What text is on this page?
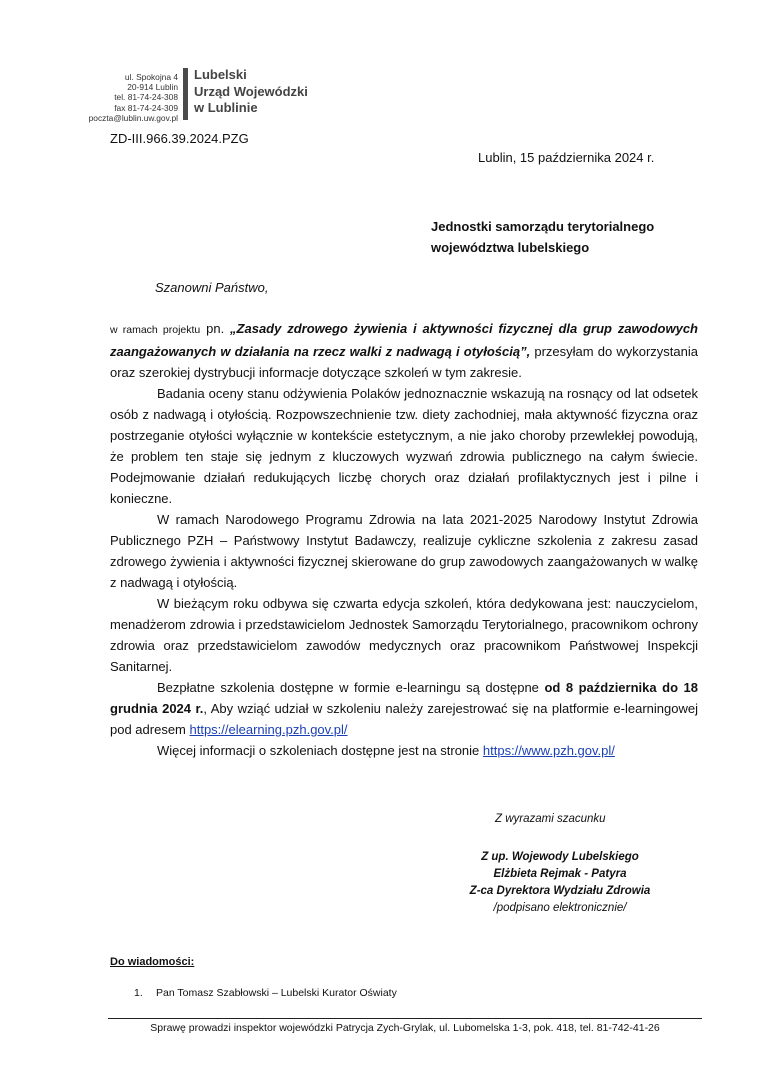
ul. Spokojna 4
20-914 Lublin
tel. 81-74-24-308
fax 81-74-24-309
poczta@lublin.uw.gov.pl
Lubelski
Urząd Wojewódzki
w Lublinie
ZD-III.966.39.2024.PZG
Lublin, 15 października 2024 r.
Jednostki samorządu terytorialnego
województwa lubelskiego
Szanowni Państwo,

w ramach projektu pn. „Zasady zdrowego żywienia i aktywności fizycznej dla grup zawodowych zaangażowanych w działania na rzecz walki z nadwagą i otyłością”, przesyłam do wykorzystania oraz szerokiej dystrybucji informacje dotyczące szkoleń w tym zakresie.

Badania oceny stanu odżywienia Polaków jednoznacznie wskazują na rosnący od lat odsetek osób z nadwagą i otyłością. Rozpowszechnienie tzw. diety zachodniej, mała aktywność fizyczna oraz postrzeganie otyłości wyłącznie w kontekście estetycznym, a nie jako choroby przewlekłej powodują, że problem ten staje się jednym z kluczowych wyzwań zdrowia publicznego na całym świecie. Podejmowanie działań redukujących liczbę chorych oraz działań profilaktycznych jest i pilne i konieczne.

W ramach Narodowego Programu Zdrowia na lata 2021-2025 Narodowy Instytut Zdrowia Publicznego PZH – Państwowy Instytut Badawczy, realizuje cykliczne szkolenia z zakresu zasad zdrowego żywienia i aktywności fizycznej skierowane do grup zawodowych zaangażowanych w walkę z nadwagą i otyłością.

W bieżącym roku odbywa się czwarta edycja szkoleń, która dedykowana jest: nauczycielom, menadżerom zdrowia i przedstawicielom Jednostek Samorządu Terytorialnego, pracownikom ochrony zdrowia oraz przedstawicielom zawodów medycznych oraz pracownikom Państwowej Inspekcji Sanitarnej.

Bezpłatne szkolenia dostępne w formie e-learningu są dostępne od 8 października do 18 grudnia 2024 r., Aby wziąć udział w szkoleniu należy zarejestrować się na platformie e-learningowej pod adresem https://elearning.pzh.gov.pl/

Więcej informacji o szkoleniach dostępne jest na stronie https://www.pzh.gov.pl/

Z wyrazami szacunku
Z up. Wojewody Lubelskiego
Elżbieta Rejmak - Patyra
Z-ca Dyrektora Wydziału Zdrowia
/podpisano elektronicznie/
Do wiadomości:
1. Pan Tomasz Szabłowski – Lubelski Kurator Oświaty
Sprawę prowadzi inspektor wojewódzki Patrycja Zych-Grylak, ul. Lubomelska 1-3, pok. 418, tel. 81-742-41-26
